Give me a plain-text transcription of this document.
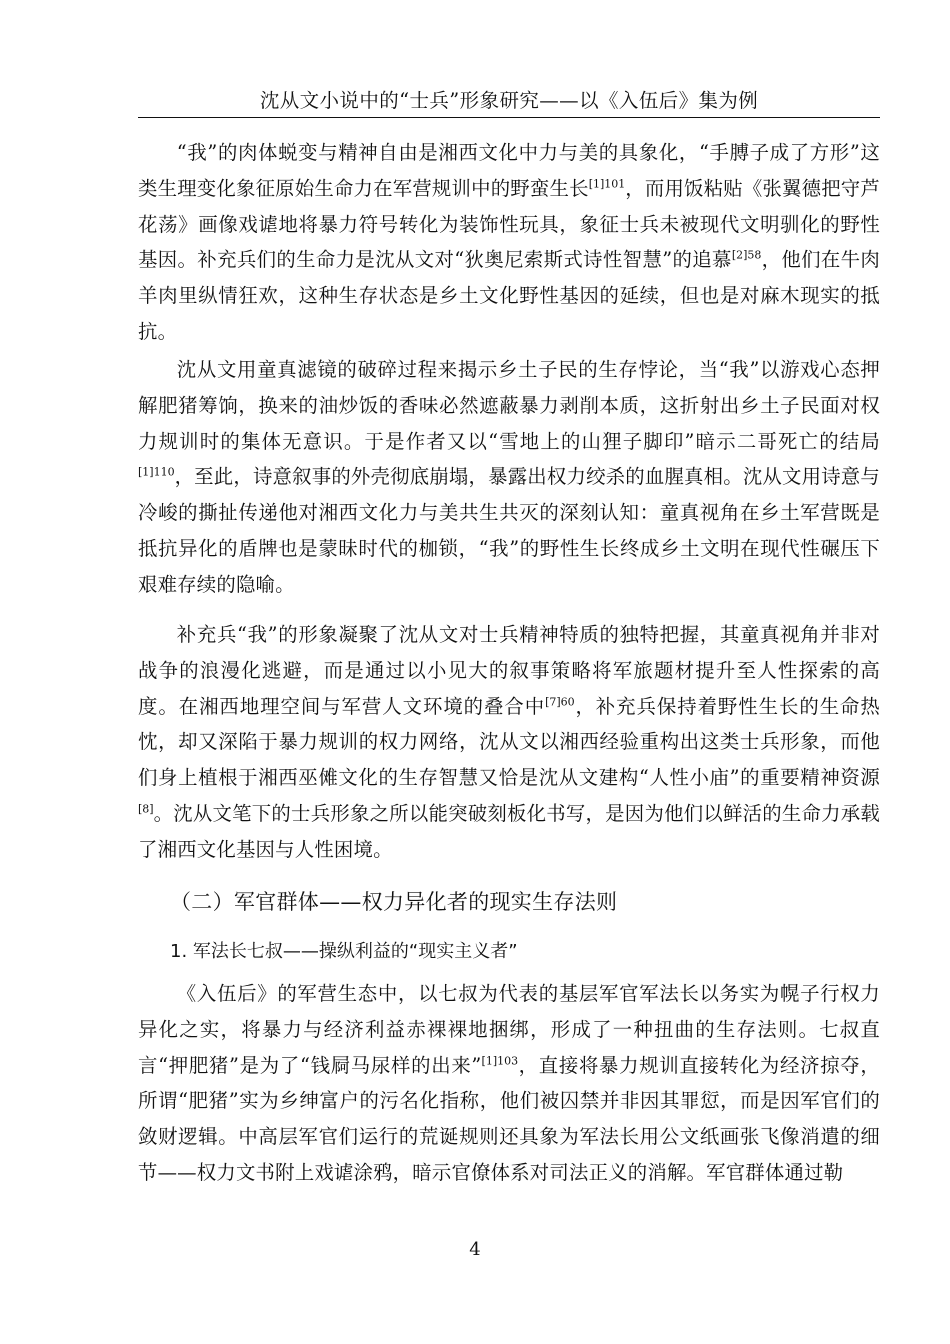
沈从文小说中的“士兵”形象研究——以《入伍后》集为例

“我”的肉体蜕变与精神自由是湘西文化中力与美的具象化，“手膊子成了方形”这类生理变化象征原始生命力在军营规训中的野蛮生长$^{[1]101}$，而用饭粘贴《张翼德把守芦花荡》画像戏谑地将暴力符号转化为装饰性玩具，象征士兵未被现代文明驯化的野性基因。补充兵们的生命力是沈从文对“狄奥尼索斯式诗性智慧”的追慕$^{[2]58}$，他们在牛肉羊肉里纵情狂欢，这种生存状态是乡土文化野性基因的延续，但也是对麻木现实的抵抗。

沈从文用童真滤镜的破碎过程来揭示乡土子民的生存悖论，当“我”以游戏心态押解肥猪筹饷，换来的油炒饭的香味必然遮蔽暴力剥削本质，这折射出乡土子民面对权力规训时的集体无意识。于是作者又以“雪地上的山狸子脚印”暗示二哥死亡的结局$^{[1]110}$，至此，诗意叙事的外壳彻底崩塌，暴露出权力绞杀的血腥真相。沈从文用诗意与冷峻的撕扯传递他对湘西文化力与美共生共灭的深刻认知：童真视角在乡土军营既是抵抗异化的盾牌也是蒙昧时代的枷锁，“我”的野性生长终成乡土文明在现代性碾压下艰难存续的隐喻。

补充兵“我”的形象凝聚了沈从文对士兵精神特质的独特把握，其童真视角并非对战争的浪漫化逃避，而是通过以小见大的叙事策略将军旅题材提升至人性探索的高度。在湘西地理空间与军营人文环境的叠合中$^{[7]60}$，补充兵保持着野性生长的生命热忱，却又深陷于暴力规训的权力网络，沈从文以湘西经验重构出这类士兵形象，而他们身上植根于湘西巫傩文化的生存智慧又恰是沈从文建构“人性小庙”的重要精神资源[8]。沈从文笔下的士兵形象之所以能突破刻板化书写，是因为他们以鲜活的生命力承载了湘西文化基因与人性困境。

（二）军官群体——权力异化者的现实生存法则
1. 军法长七叔——操纵利益的“现实主义者”

《入伍后》的军营生态中，以七叔为代表的基层军官军法长以务实为幌子行权力异化之实，将暴力与经济利益赤裸裸地捆绑，形成了一种扭曲的生存法则。七叔直言“押肥猪”是为了“钱屙马尿样的出来”$^{[1]103}$，直接将暴力规训直接转化为经济掠夺，所谓“肥猪”实为乡绅富户的污名化指称，他们被囚禁并非因其罪愆，而是因军官们的敛财逻辑。中高层军官们运行的荒诞规则还具象为军法长用公文纸画张飞像消遣的细节——权力文书附上戏谑涂鸦，暗示官僚体系对司法正义的消解。军官群体通过勒

4
